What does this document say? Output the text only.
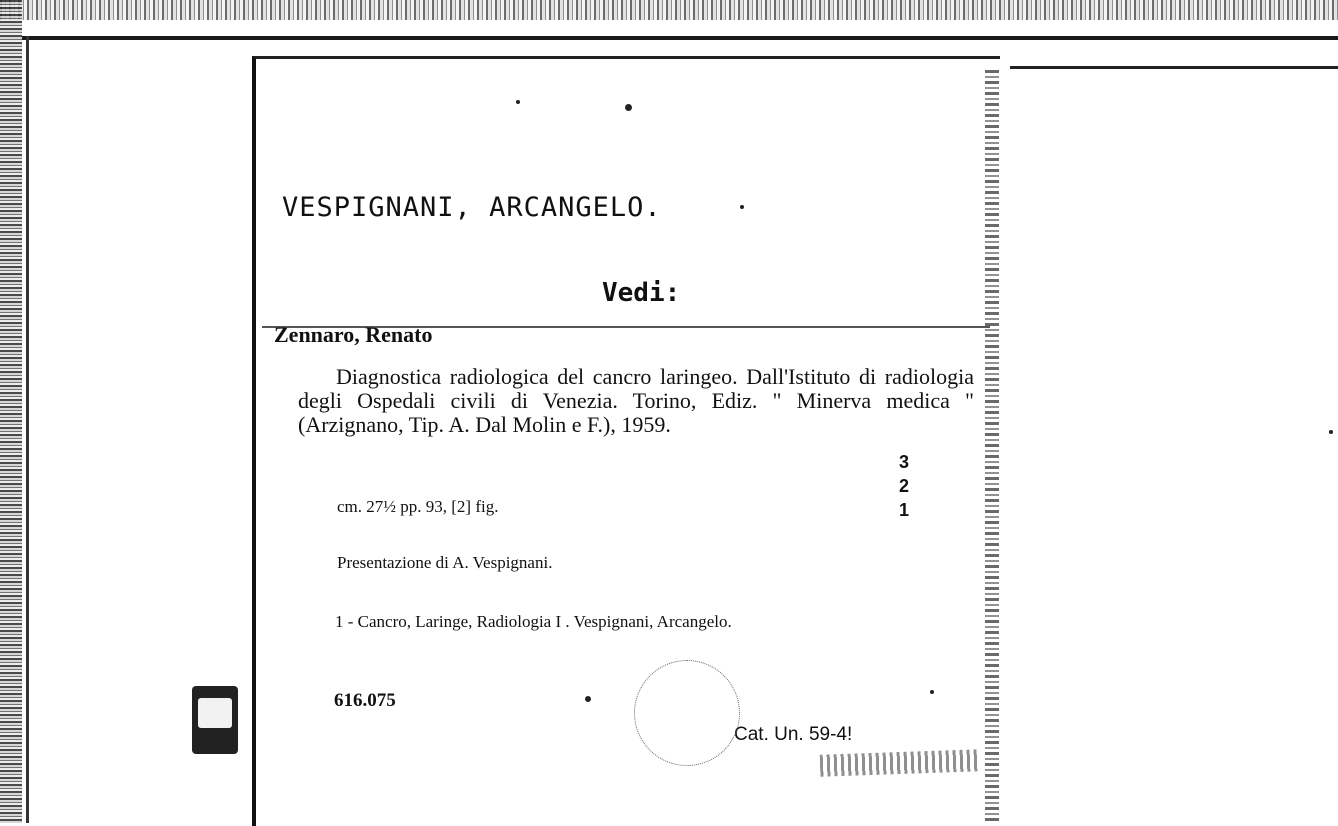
VESPIGNANI, ARCANGELO.
Vedi:
Zennaro, Renato

Diagnostica radiologica del cancro laringeo. Dall'Istituto di radiologia degli Ospedali civili di Venezia. Torino, Ediz. " Minerva medica " (Arzignano, Tip. A. Dal Molin e F.), 1959.

cm. 27½ pp. 93, [2] fig.
Presentazione di A. Vespignani.
1 - Cancro, Laringe, Radiologia I . Vespignani, Arcangelo.
616.075
Cat. Un. 59-4!
3
2
1
